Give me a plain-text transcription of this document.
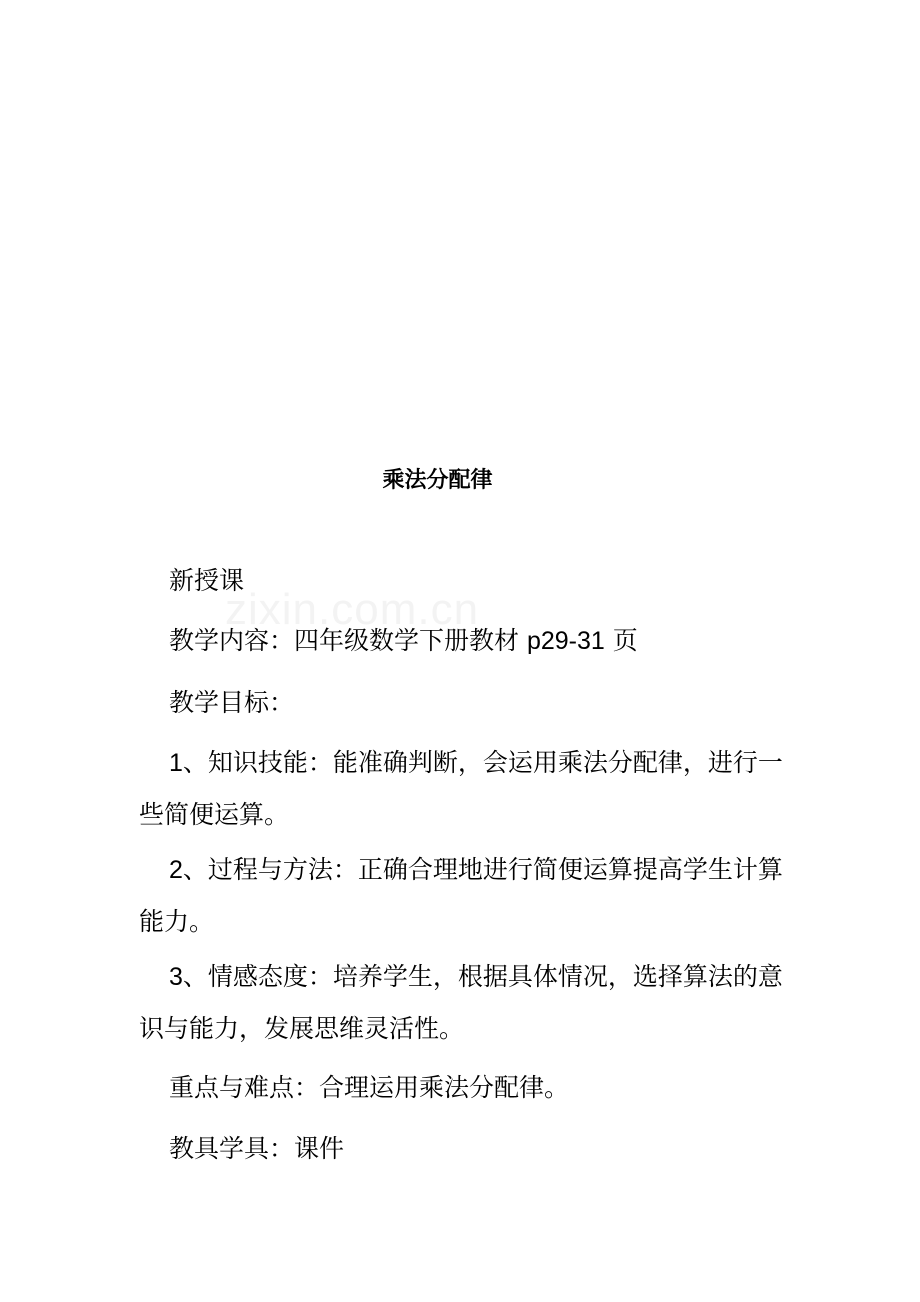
乘法分配律
zixin.com.cn
新授课
教学内容：四年级数学下册教材 p29-31 页
教学目标：
1、知识技能：能准确判断，会运用乘法分配律，进行一些简便运算。
2、过程与方法：正确合理地进行简便运算提高学生计算能力。
3、情感态度：培养学生，根据具体情况，选择算法的意识与能力，发展思维灵活性。
重点与难点：合理运用乘法分配律。
教具学具：课件
